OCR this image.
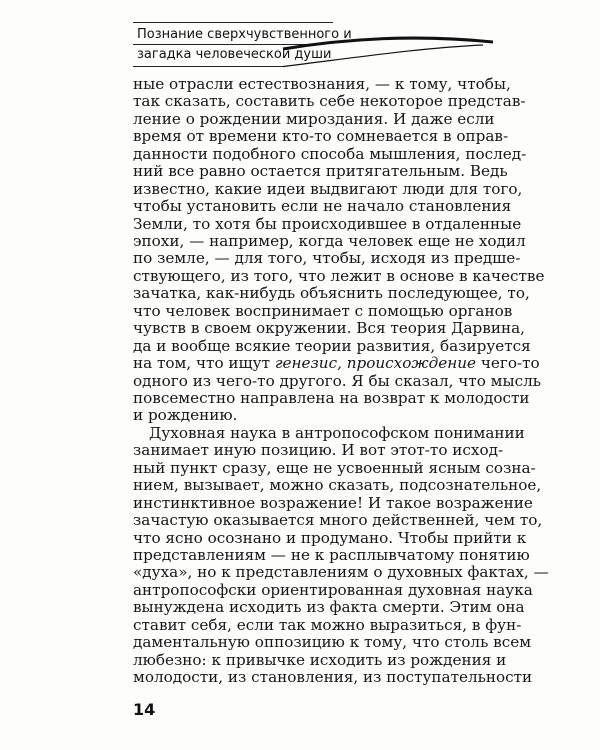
Познание сверхчувственного и
загадка человеческой души
ные отрасли естествознания, — к тому, чтобы,
так сказать, составить себе некоторое представ-
ление о рождении мироздания. И даже если
время от времени кто-то сомневается в оправ-
данности подобного способа мышления, послед-
ний все равно остается притягательным. Ведь
известно, какие идеи выдвигают люди для того,
чтобы установить если не начало становления
Земли, то хотя бы происходившее в отдаленные
эпохи, — например, когда человек еще не ходил
по земле, — для того, чтобы, исходя из предше-
ствующего, из того, что лежит в основе в качестве
зачатка, как-нибудь объяснить последующее, то,
что человек воспринимает с помощью органов
чувств в своем окружении. Вся теория Дарвина,
да и вообще всякие теории развития, базируется
на том, что ищут генезис, происхождение чего-то
одного из чего-то другого. Я бы сказал, что мысль
повсеместно направлена на возврат к молодости
и рождению.
Духовная наука в антропософском понимании
занимает иную позицию. И вот этот-то исход-
ный пункт сразу, еще не усвоенный ясным сознa-
нием, вызывает, можно сказать, подсознательное,
инстинктивное возражение! И такое возражение
зачастую оказывается много действенней, чем то,
что ясно осознано и продумано. Чтобы прийти к
представлениям — не к расплывчатому понятию
«духа», но к представлениям о духовных фактах, —
антропософски ориентированная духовная наука
вынуждена исходить из факта смерти. Этим она
ставит себя, если так можно выразиться, в фун-
даментальную оппозицию к тому, что столь всем
любезно: к привычке исходить из рождения и
молодости, из становления, из поступательности
14
